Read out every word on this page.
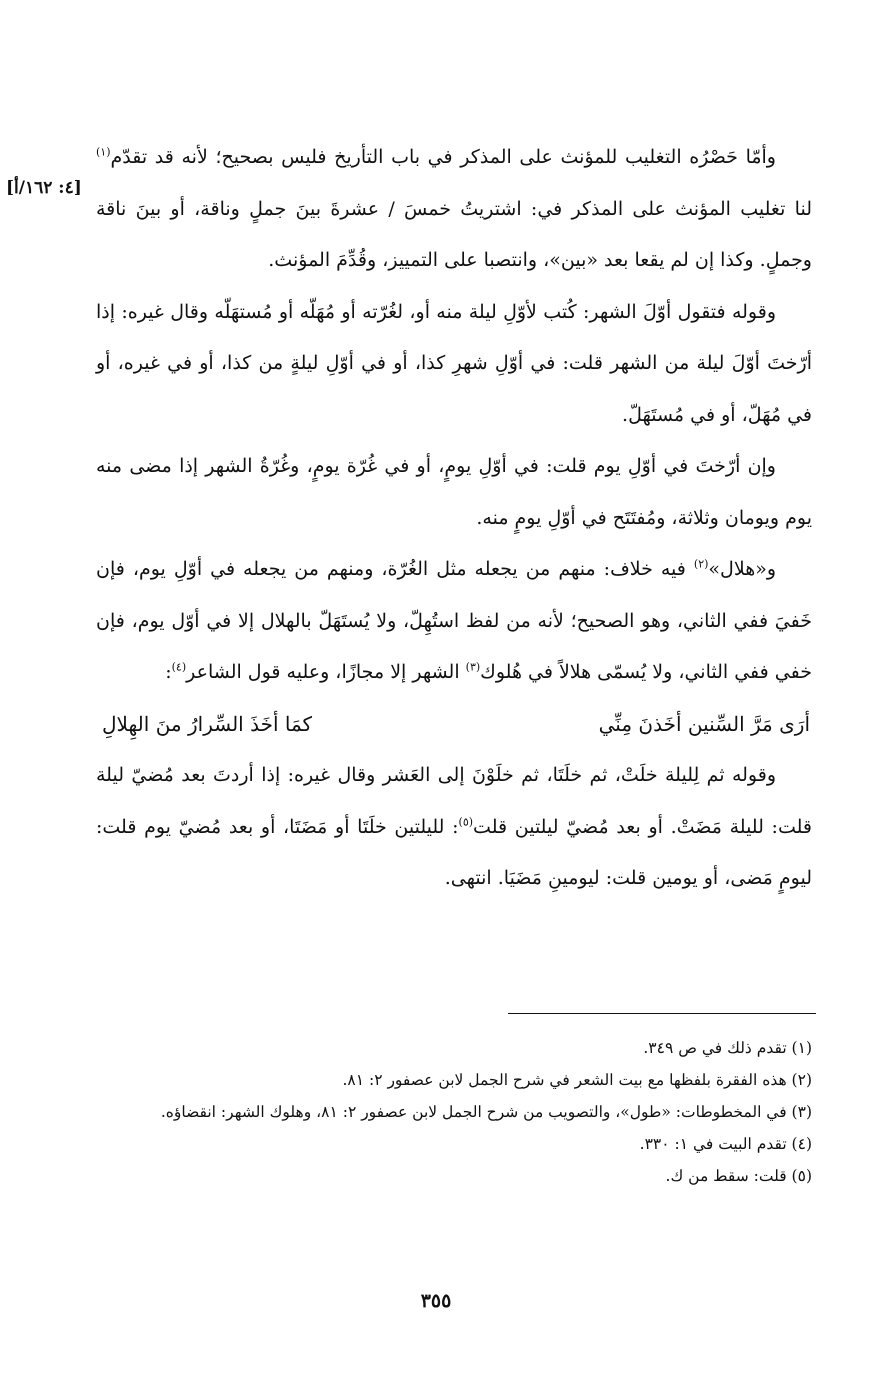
[٤: ١٦٢/أ]

وأمّا حَصْرُه التغليب للمؤنث على المذكر في باب التأريخ فليس بصحيح؛ لأنه قد تقدّم$^{(١)}$ لنا تغليب المؤنث على المذكر في: اشتريتُ خمسَ / عشرةَ بينَ جملٍ وناقة، أو بينَ ناقة وجملٍ. وكذا إن لم يقعا بعد «بين»، وانتصبا على التمييز، وقُدِّمَ المؤنث.

وقوله فتقول أوّلَ الشهر: كُتب لأوّلِ ليلة منه أو، لغُرّته أو مُهَلّه أو مُستهَلّه وقال غيره: إذا أرّختَ أوّلَ ليلة من الشهر قلت: في أوّلِ شهرِ كذا، أو في أوّلِ ليلةٍ من كذا، أو في غيره، أو في مُهَلّ، أو في مُستَهَلّ.

وإن أرّختَ في أوّلِ يوم قلت: في أوّلِ يومٍ، أو في غُرّة يومٍ، وغُرّةُ الشهر إذا مضى منه يوم ويومان وثلاثة، ومُفتَتَح في أوّلِ يومٍ منه.

و«هلال»$^{(٢)}$ فيه خلاف: منهم من يجعله مثل الغُرّة، ومنهم من يجعله في أوّلِ يوم، فإن خَفيَ ففي الثاني، وهو الصحيح؛ لأنه من لفظ استُهِلّ، ولا يُستَهَلّ بالهلال إلا في أوّل يوم، فإن خفي ففي الثاني، ولا يُسمّى هلالاً في هُلوك$^{(٣)}$ الشهر إلا مجازًا، وعليه قول الشاعر$^{(٤)}$:

أرَى مَرَّ السِّنين أخَذنَ مِنِّي
كمَا أخَذَ السِّرارُ منَ الهِلالِ

وقوله ثم لِليلة خلَتْ، ثم خلَتَا، ثم خلَوْنَ إلى العَشر وقال غيره: إذا أردتَ بعد مُضيّ ليلة قلت: لليلة مَضَتْ. أو بعد مُضيّ ليلتين قلت$^{(٥)}$: لليلتين خلَتَا أو مَضَتَا، أو بعد مُضيّ يوم قلت: ليومٍ مَضى، أو يومين قلت: ليومينِ مَضَيَا. انتهى.

(١) تقدم ذلك في ص ٣٤٩.

(٢) هذه الفقرة بلفظها مع بيت الشعر في شرح الجمل لابن عصفور ٢: ٨١.

(٣) في المخطوطات: «طول»، والتصويب من شرح الجمل لابن عصفور ٢: ٨١، وهلوك الشهر: انقضاؤه.

(٤) تقدم البيت في ١: ٣٣٠.

(٥) قلت: سقط من ك.

٣٥٥
